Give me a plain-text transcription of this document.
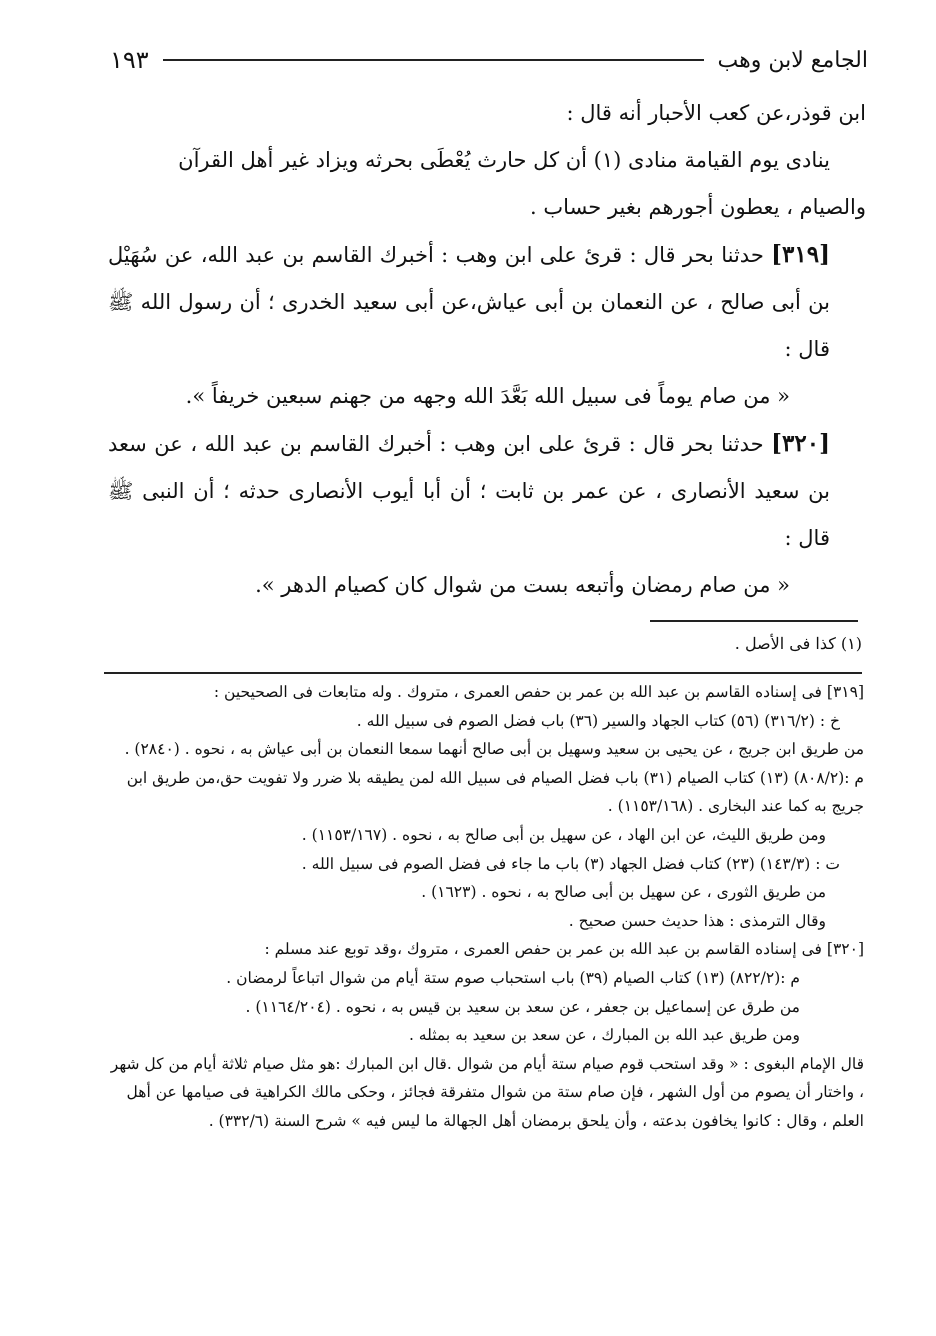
الجامع لابن وهب
١٩٣

ابن قوذر،عن كعب الأحبار أنه قال :

ينادى يوم القيامة منادى (١) أن كل حارث يُعْطَى بحرثه ويزاد غير أهل القرآن

والصيام ، يعطون أجورهم بغير حساب .

[٣١٩] حدثنا بحر قال : قرئ على ابن وهب : أخبرك القاسم بن عبد الله، عن سُهَيْل بن أبى صالح ، عن النعمان بن أبى عياش،عن أبى سعيد الخدرى ؛ أن رسول الله ﷺ قال :

« من صام يوماً فى سبيل الله بَعَّدَ الله وجهه من جهنم سبعين خريفاً ».

[٣٢٠] حدثنا بحر قال : قرئ على ابن وهب : أخبرك القاسم بن عبد الله ، عن سعد بن سعيد الأنصارى ، عن عمر بن ثابت ؛ أن أبا أيوب الأنصارى حدثه ؛ أن النبى ﷺ قال :

« من صام رمضان وأتبعه بست من شوال كان كصيام الدهر ».

(١) كذا فى الأصل .

[٣١٩] فى إسناده القاسم بن عبد الله بن عمر بن حفص العمرى ، متروك . وله متابعات فى الصحيحين :

خ : (٣١٦/٢) (٥٦) كتاب الجهاد والسير (٣٦) باب فضل الصوم فى سبيل الله .

من طريق ابن جريج ، عن يحيى بن سعيد وسهيل بن أبى صالح أنهما سمعا النعمان بن أبى عياش به ، نحوه . (٢٨٤٠) .

م :(٨٠٨/٢) (١٣) كتاب الصيام (٣١) باب فضل الصيام فى سبيل الله لمن يطيقه بلا ضرر ولا تفويت حق،من طريق ابن جريج به كما عند البخارى . (١١٥٣/١٦٨) .

ومن طريق الليث، عن ابن الهاد ، عن سهيل بن أبى صالح به ، نحوه . (١١٥٣/١٦٧) .

ت : (١٤٣/٣) (٢٣) كتاب فضل الجهاد (٣) باب ما جاء فى فضل الصوم فى سبيل الله .

من طريق الثورى ، عن سهيل بن أبى صالح به ، نحوه . (١٦٢٣) .

وقال الترمذى : هذا حديث حسن صحيح .

[٣٢٠] فى إسناده القاسم بن عبد الله بن عمر بن حفص العمرى ، متروك ،وقد توبع عند مسلم :

م :(٨٢٢/٢) (١٣) كتاب الصيام (٣٩) باب استحباب صوم ستة أيام من شوال اتباعاً لرمضان .

من طرق عن إسماعيل بن جعفر ، عن سعد بن سعيد بن قيس به ، نحوه . (١١٦٤/٢٠٤) .

ومن طريق عبد الله بن المبارك ، عن سعد بن سعيد به بمثله .

قال الإمام البغوى : « وقد استحب قوم صيام ستة أيام من شوال .قال ابن المبارك :هو مثل صيام ثلاثة أيام من كل شهر ، واختار أن يصوم من أول الشهر ، فإن صام ستة من شوال متفرقة فجائز ، وحكى مالك الكراهية فى صيامها عن أهل العلم ، وقال : كانوا يخافون بدعته ، وأن يلحق برمضان أهل الجهالة ما ليس فيه » شرح السنة (٣٣٢/٦) .
